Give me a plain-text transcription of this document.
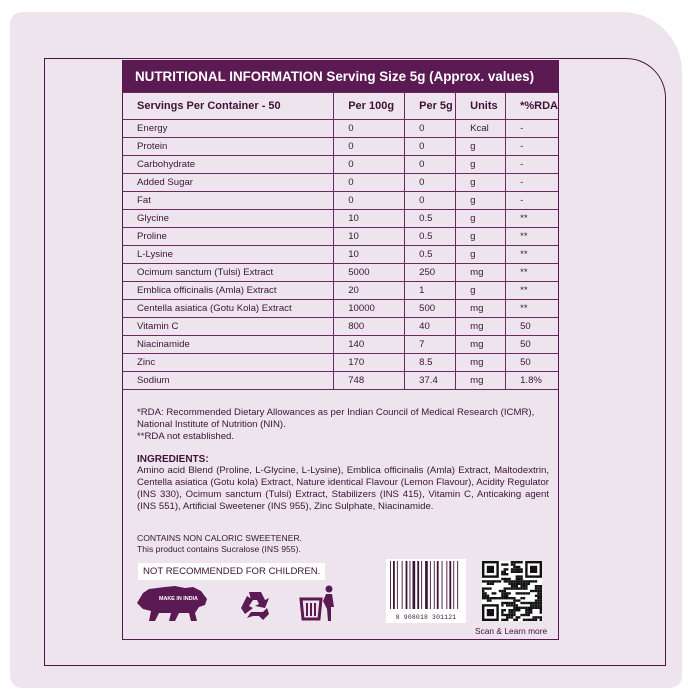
NUTRITIONAL INFORMATION Serving Size 5g (Approx. values)
Servings Per Container - 50	Per 100g	Per 5g	Units	*%RDA
Energy	0	0	Kcal	-
Protein	0	0	g	-
Carbohydrate	0	0	g	-
Added Sugar	0	0	g	-
Fat	0	0	g	-
Glycine	10	0.5	g	**
Proline	10	0.5	g	**
L-Lysine	10	0.5	g	**
Ocimum sanctum (Tulsi) Extract	5000	250	mg	**
Emblica officinalis (Amla) Extract	20	1	g	**
Centella asiatica (Gotu Kola) Extract	10000	500	mg	**
Vitamin C	800	40	mg	50
Niacinamide	140	7	mg	50
Zinc	170	8.5	mg	50
Sodium	748	37.4	mg	1.8%
*RDA: Recommended Dietary Allowances as per Indian Council of Medical Research (ICMR), National Institute of Nutrition (NIN).
**RDA not established.
INGREDIENTS:
Amino acid Blend (Proline, L-Glycine, L-Lysine), Emblica officinalis (Amla) Extract, Maltodextrin, Centella asiatica (Gotu kola) Extract, Nature identical Flavour (Lemon Flavour), Acidity Regulator (INS 330), Ocimum sanctum (Tulsi) Extract, Stabilizers (INS 415), Vitamin C, Anticaking agent (INS 551), Artificial Sweetener (INS 955), Zinc Sulphate, Niacinamide.
CONTAINS NON CALORIC SWEETENER.
This product contains Sucralose (INS 955).
NOT RECOMMENDED FOR CHILDREN.
MAKE IN INDIA
8 908018 301121
Scan & Learn more
